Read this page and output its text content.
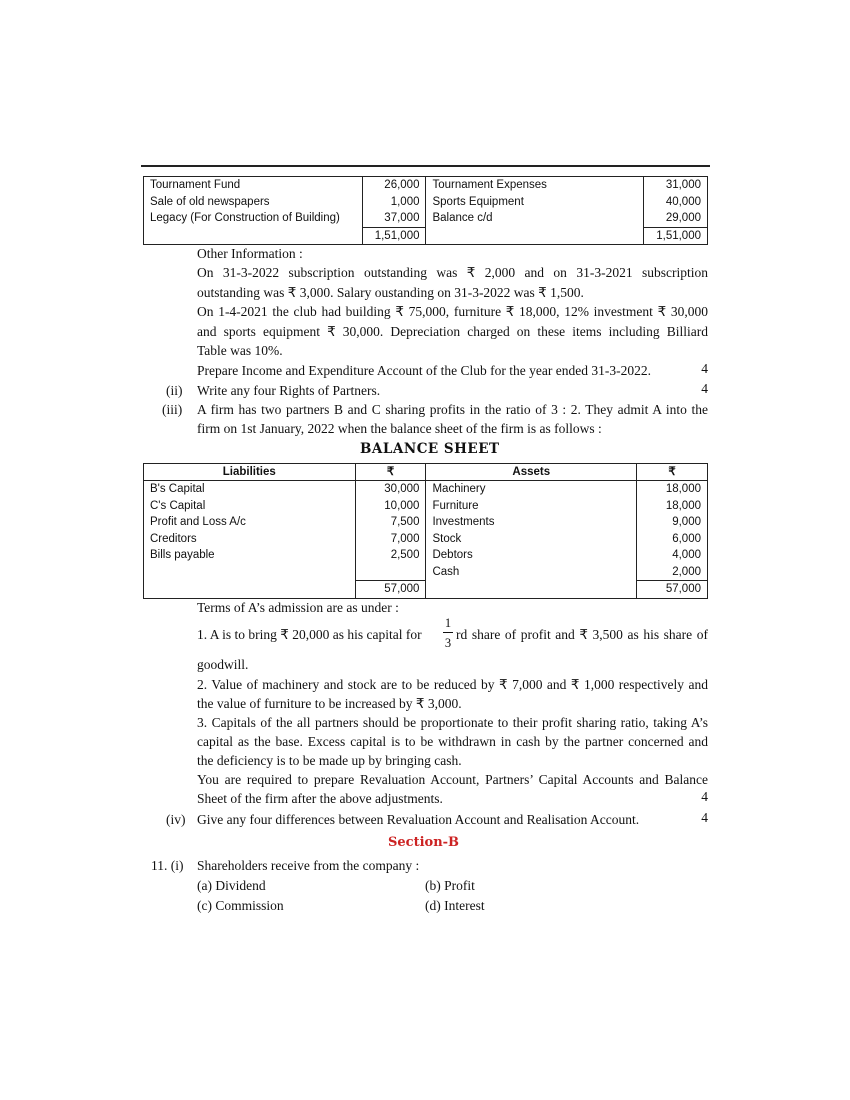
Tournament Fund	26,000	Tournament Expenses	31,000
Sale of old newspapers	1,000	Sports Equipment	40,000
Legacy (For Construction of Building)	37,000	Balance c/d	29,000
	1,51,000		1,51,000
Other Information :
On 31-3-2022 subscription outstanding was ₹ 2,000 and on 31-3-2021 subscription
outstanding was ₹ 3,000. Salary oustanding on 31-3-2022 was ₹ 1,500.
On 1-4-2021 the club had building ₹ 75,000, furniture ₹ 18,000, 12% investment ₹ 30,000
and sports equipment ₹ 30,000. Depreciation charged on these items including Billiard
Table was 10%.
Prepare Income and Expenditure Account of the Club for the year ended 31-3-2022.	4
(ii) Write any four Rights of Partners.	4
(iii) A firm has two partners B and C sharing profits in the ratio of 3 : 2. They admit A into the
firm on 1st January, 2022 when the balance sheet of the firm is as follows :
BALANCE SHEET
Liabilities	₹	Assets	₹
B's Capital	30,000	Machinery	18,000
C's Capital	10,000	Furniture	18,000
Profit and Loss A/c	7,500	Investments	9,000
Creditors	7,000	Stock	6,000
Bills payable	2,500	Debtors	4,000
		Cash	2,000
	57,000		57,000
Terms of A’s admission are as under :
1. A is to bring ₹ 20,000 as his capital for
1
3
rd share of profit and ₹ 3,500 as his share of
goodwill.
2. Value of machinery and stock are to be reduced by ₹ 7,000 and ₹ 1,000 respectively and
the value of furniture to be increased by ₹ 3,000.
3. Capitals of the all partners should be proportionate to their profit sharing ratio, taking A’s
capital as the base. Excess capital is to be withdrawn in cash by the partner concerned and
the deficiency is to be made up by bringing cash.
You are required to prepare Revaluation Account, Partners’ Capital Accounts and Balance
Sheet of the firm after the above adjustments.	4
(iv) Give any four differences between Revaluation Account and Realisation Account.	4
Section-B
11. (i) Shareholders receive from the company :
(a) Dividend	(b) Profit
(c) Commission	(d) Interest
